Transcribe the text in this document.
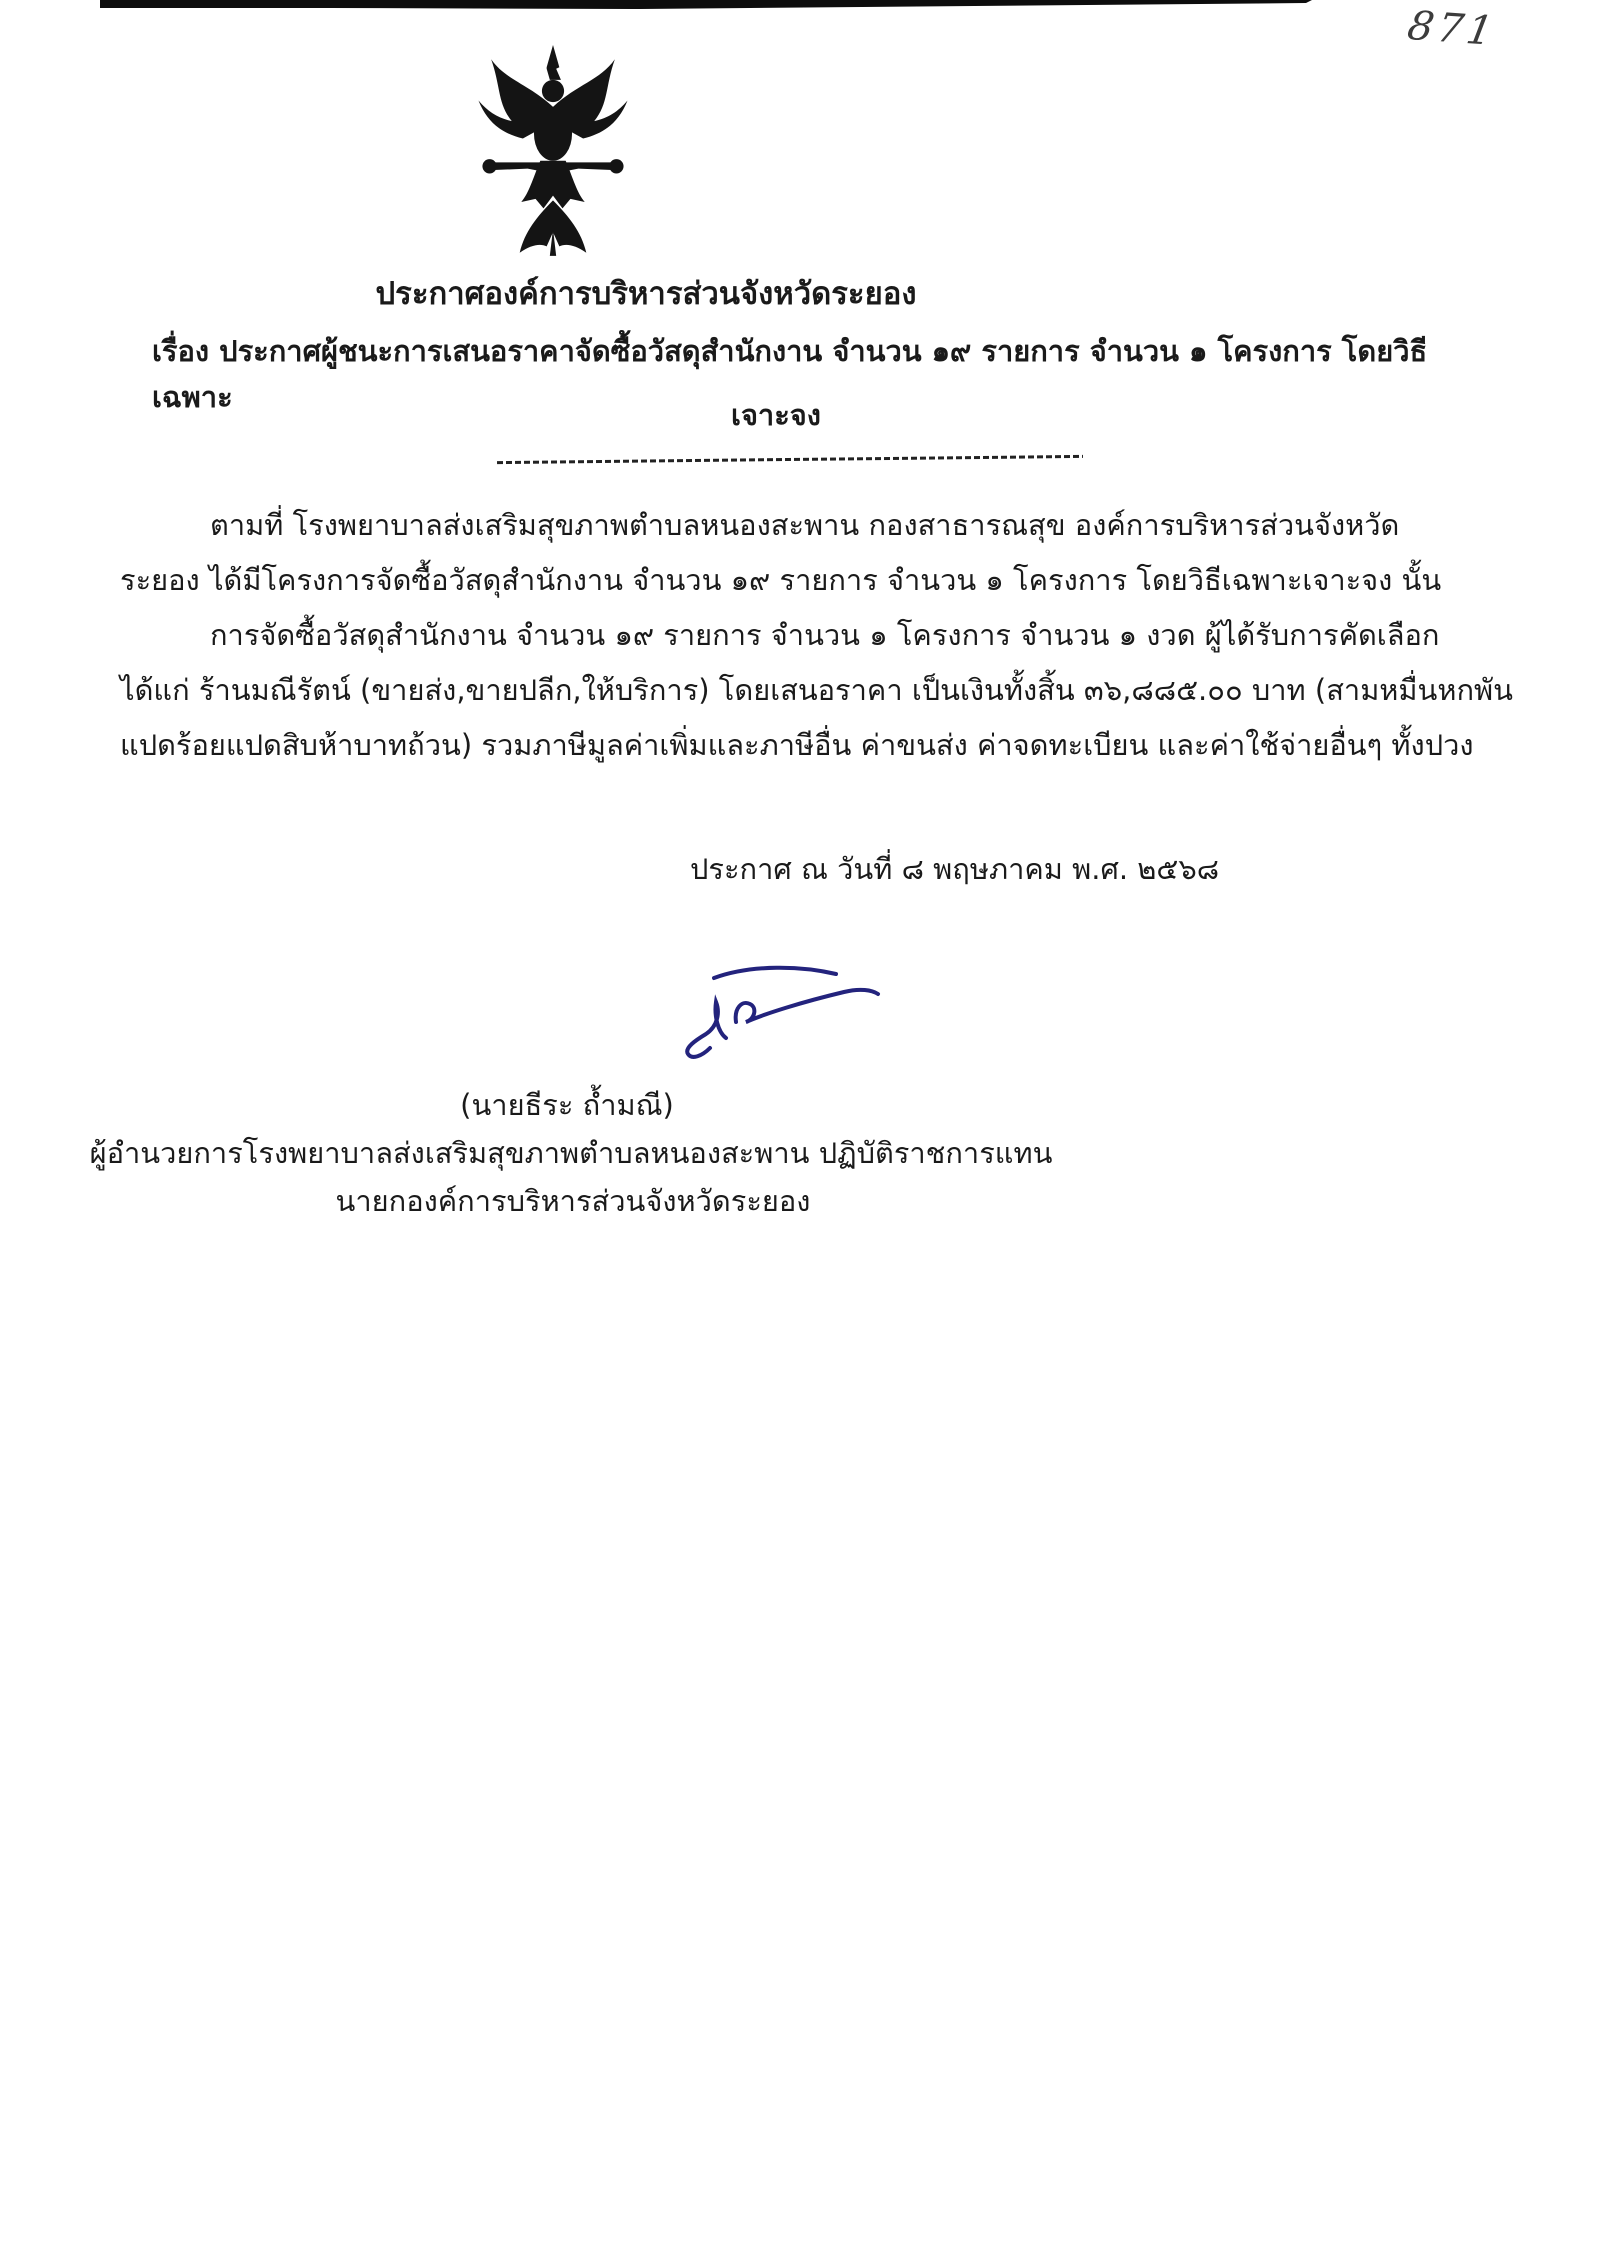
871
ประกาศองค์การบริหารส่วนจังหวัดระยอง
เรื่อง ประกาศผู้ชนะการเสนอราคาจัดซื้อวัสดุสำนักงาน จำนวน ๑๙ รายการ จำนวน ๑ โครงการ โดยวิธีเฉพาะ
เจาะจง
ตามที่ โรงพยาบาลส่งเสริมสุขภาพตำบลหนองสะพาน กองสาธารณสุข องค์การบริหารส่วนจังหวัด
ระยอง ได้มีโครงการจัดซื้อวัสดุสำนักงาน จำนวน ๑๙ รายการ จำนวน ๑ โครงการ โดยวิธีเฉพาะเจาะจง นั้น
การจัดซื้อวัสดุสำนักงาน จำนวน ๑๙ รายการ จำนวน ๑ โครงการ จำนวน ๑ งวด ผู้ได้รับการคัดเลือก
ได้แก่ ร้านมณีรัตน์ (ขายส่ง,ขายปลีก,ให้บริการ) โดยเสนอราคา เป็นเงินทั้งสิ้น ๓๖,๘๘๕.๐๐ บาท (สามหมื่นหกพัน
แปดร้อยแปดสิบห้าบาทถ้วน) รวมภาษีมูลค่าเพิ่มและภาษีอื่น ค่าขนส่ง ค่าจดทะเบียน และค่าใช้จ่ายอื่นๆ ทั้งปวง
ประกาศ ณ วันที่ ๘ พฤษภาคม พ.ศ. ๒๕๖๘
(นายธีระ ถ้ำมณี)
ผู้อำนวยการโรงพยาบาลส่งเสริมสุขภาพตำบลหนองสะพาน ปฏิบัติราชการแทน
นายกองค์การบริหารส่วนจังหวัดระยอง
